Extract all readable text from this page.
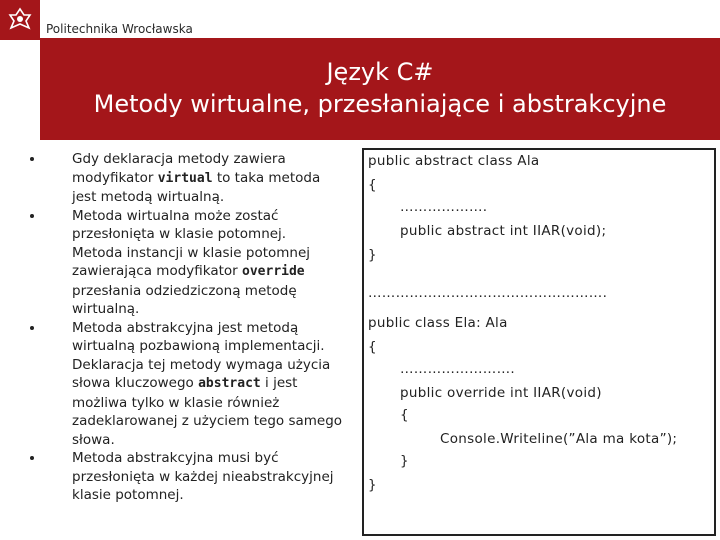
Politechnika Wrocławska
Język C#
Metody wirtualne, przesłaniające i abstrakcyjne
Gdy deklaracja metody zawiera
modyfikator virtual to taka metoda
jest metodą wirtualną.
Metoda wirtualna może zostać
przesłonięta w klasie potomnej.
Metoda instancji w klasie potomnej
zawierająca modyfikator override
przesłania odziedziczoną metodę
wirtualną.
Metoda abstrakcyjna jest metodą
wirtualną pozbawioną implementacji.
Deklaracja tej metody wymaga użycia
słowa kluczowego abstract i jest
możliwa tylko w klasie również
zadeklarowanej z użyciem tego samego
słowa.
Metoda abstrakcyjna musi być
przesłonięta w każdej nieabstrakcyjnej
klasie potomnej.
public abstract class Ala
{
……………….
public abstract int IIAR(void);
}
…………………………………………….
public class Ela: Ala
{
…………………….
public override int IIAR(void)
{
Console.Writeline(”Ala ma kota”);
}
}
